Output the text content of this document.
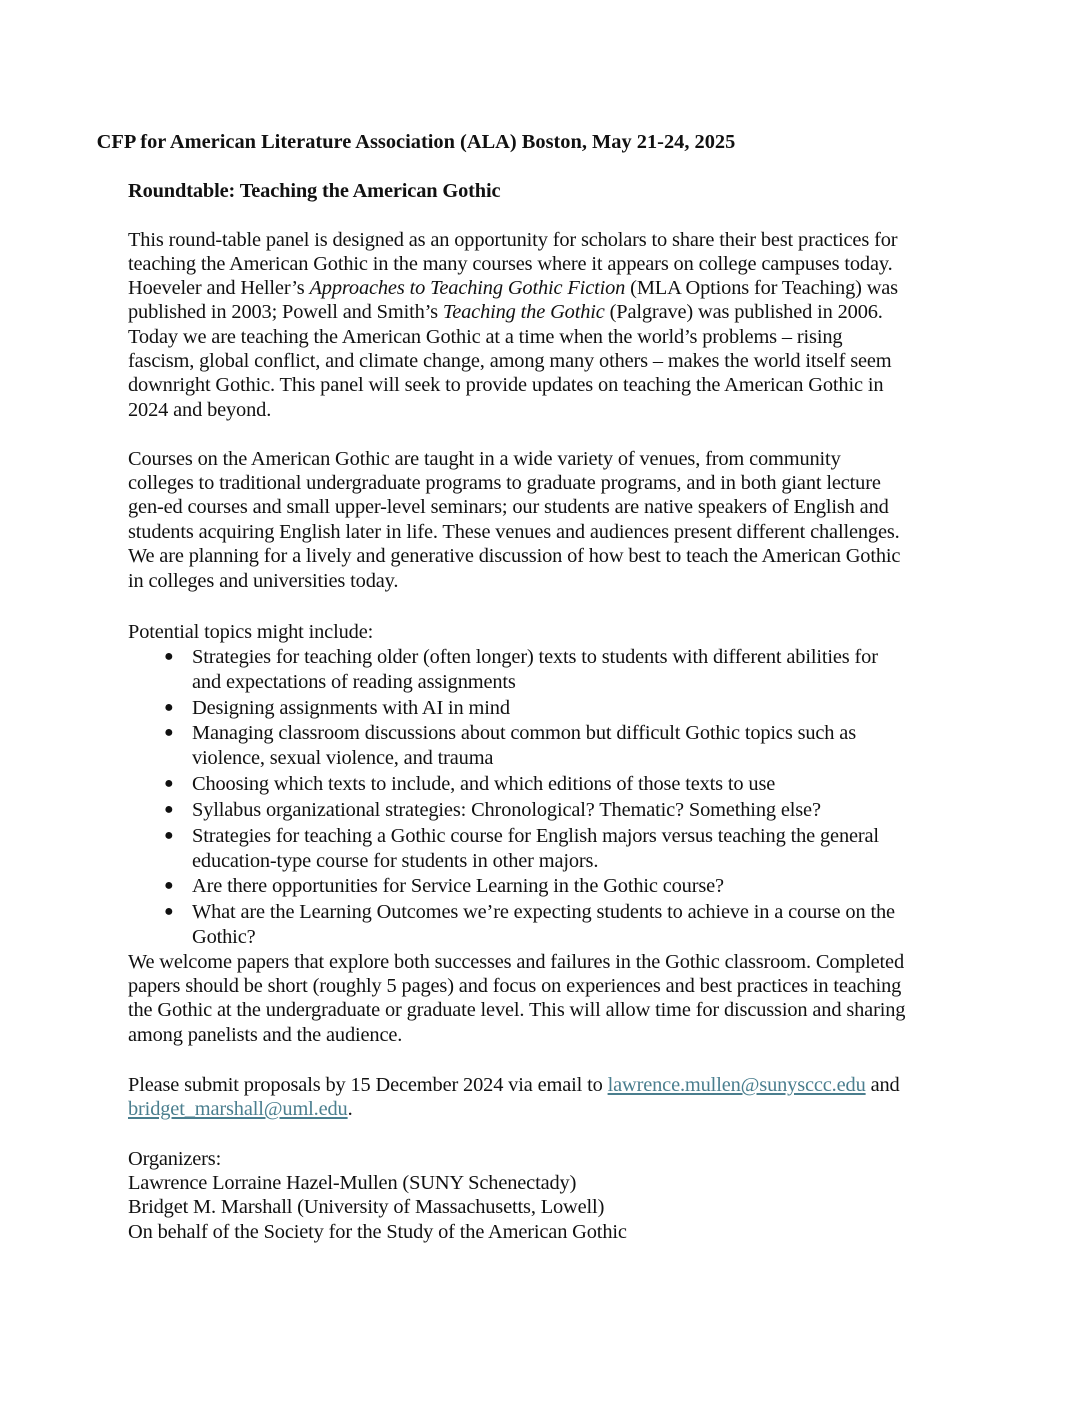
CFP for American Literature Association (ALA) Boston, May 21-24, 2025
Roundtable: Teaching the American Gothic
This round-table panel is designed as an opportunity for scholars to share their best practices for
teaching the American Gothic in the many courses where it appears on college campuses today.
Hoeveler and Heller’s Approaches to Teaching Gothic Fiction (MLA Options for Teaching) was
published in 2003; Powell and Smith’s Teaching the Gothic (Palgrave) was published in 2006.
Today we are teaching the American Gothic at a time when the world’s problems – rising
fascism, global conflict, and climate change, among many others – makes the world itself seem
downright Gothic. This panel will seek to provide updates on teaching the American Gothic in
2024 and beyond.
Courses on the American Gothic are taught in a wide variety of venues, from community
colleges to traditional undergraduate programs to graduate programs, and in both giant lecture
gen-ed courses and small upper-level seminars; our students are native speakers of English and
students acquiring English later in life. These venues and audiences present different challenges.
We are planning for a lively and generative discussion of how best to teach the American Gothic
in colleges and universities today.
Potential topics might include:
● Strategies for teaching older (often longer) texts to students with different abilities for
and expectations of reading assignments
● Designing assignments with AI in mind
● Managing classroom discussions about common but difficult Gothic topics such as
violence, sexual violence, and trauma
● Choosing which texts to include, and which editions of those texts to use
● Syllabus organizational strategies: Chronological? Thematic? Something else?
● Strategies for teaching a Gothic course for English majors versus teaching the general
education-type course for students in other majors.
● Are there opportunities for Service Learning in the Gothic course?
● What are the Learning Outcomes we’re expecting students to achieve in a course on the
Gothic?
We welcome papers that explore both successes and failures in the Gothic classroom. Completed
papers should be short (roughly 5 pages) and focus on experiences and best practices in teaching
the Gothic at the undergraduate or graduate level. This will allow time for discussion and sharing
among panelists and the audience.
Please submit proposals by 15 December 2024 via email to lawrence.mullen@sunysccc.edu and
bridget_marshall@uml.edu.
Organizers:
Lawrence Lorraine Hazel-Mullen (SUNY Schenectady)
Bridget M. Marshall (University of Massachusetts, Lowell)
On behalf of the Society for the Study of the American Gothic
